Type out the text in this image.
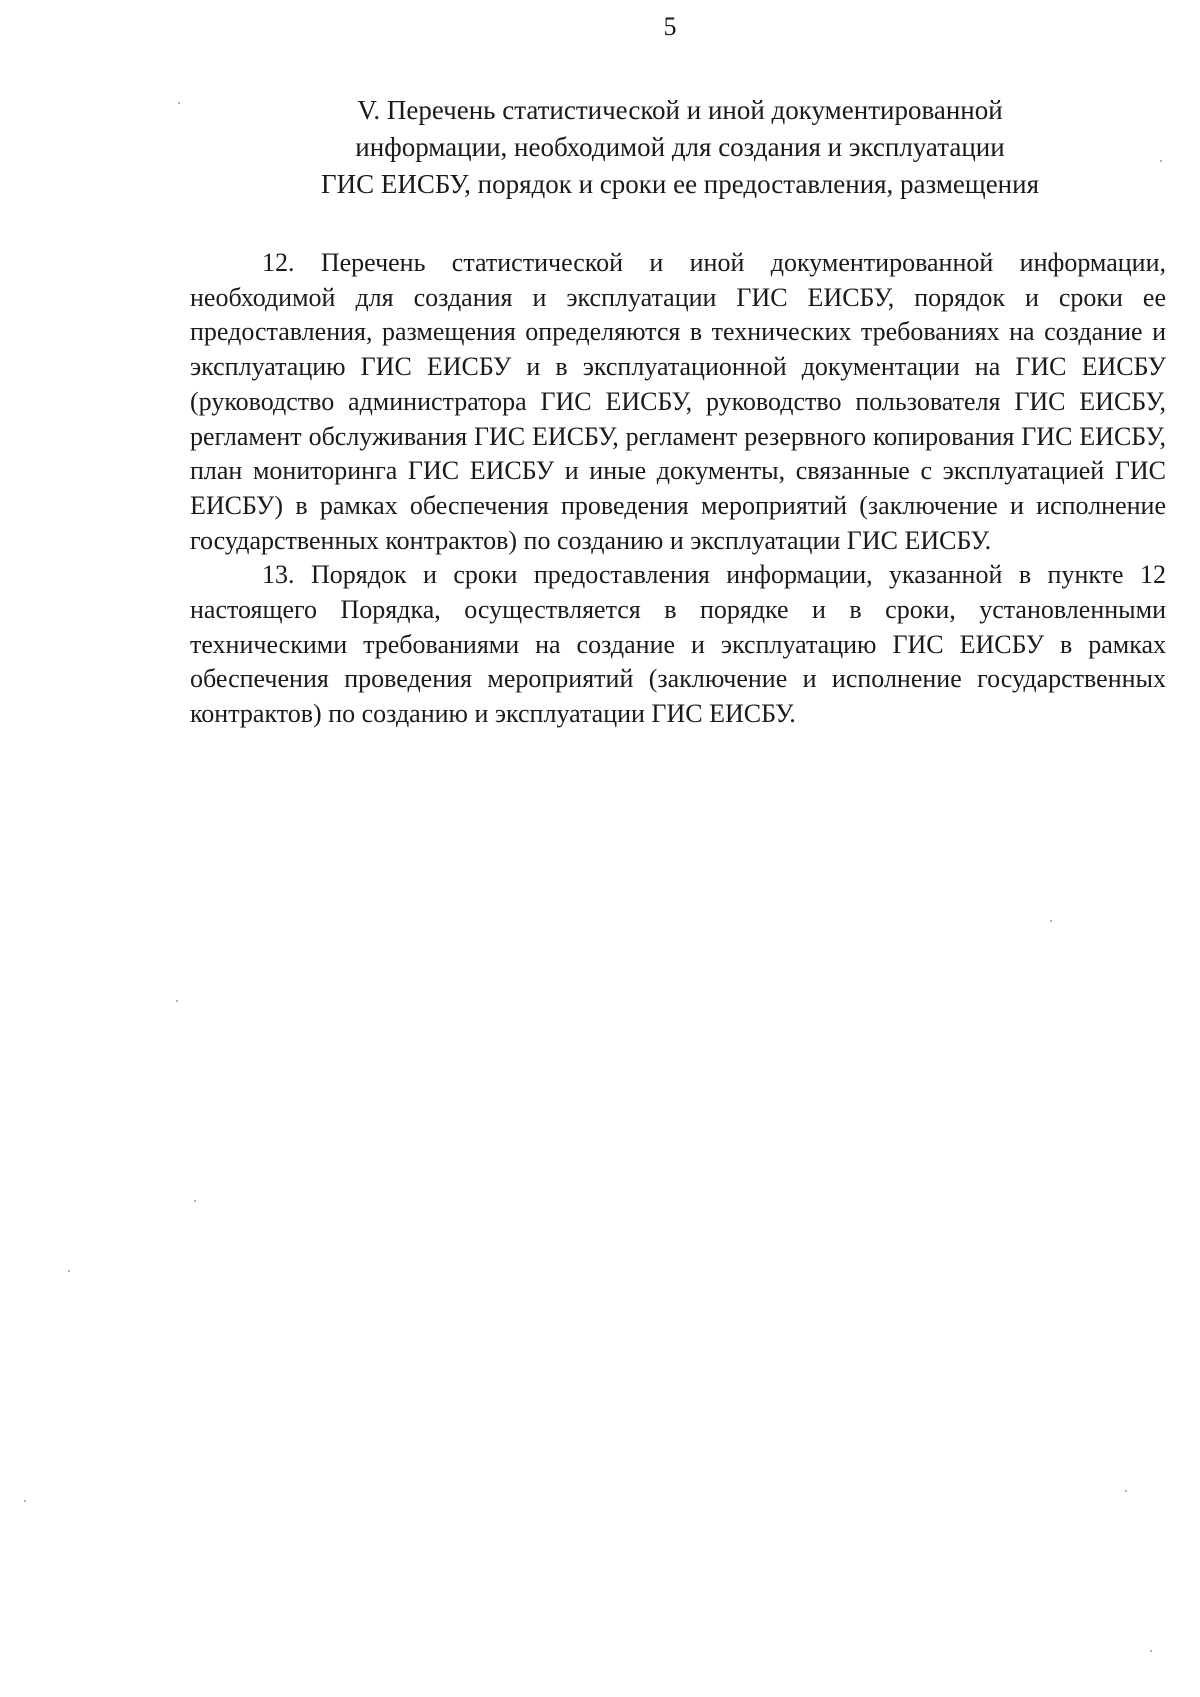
5
V. Перечень статистической и иной документированной
информации, необходимой для создания и эксплуатации
ГИС ЕИСБУ, порядок и сроки ее предоставления, размещения

12. Перечень статистической и иной документированной информации, необходимой для создания и эксплуатации ГИС ЕИСБУ, порядок и сроки ее предоставления, размещения определяются в технических требованиях на создание и эксплуатацию ГИС ЕИСБУ и в эксплуатационной документации на ГИС ЕИСБУ (руководство администратора ГИС ЕИСБУ, руководство пользователя ГИС ЕИСБУ, регламент обслуживания ГИС ЕИСБУ, регламент резервного копирования ГИС ЕИСБУ, план мониторинга ГИС ЕИСБУ и иные документы, связанные с эксплуатацией ГИС ЕИСБУ) в рамках обеспечения проведения мероприятий (заключение и исполнение государственных контрактов) по созданию и эксплуатации ГИС ЕИСБУ.

13. Порядок и сроки предоставления информации, указанной в пункте 12 настоящего Порядка, осуществляется в порядке и в сроки, установленными техническими требованиями на создание и эксплуатацию ГИС ЕИСБУ в рамках обеспечения проведения мероприятий (заключение и исполнение государственных контрактов) по созданию и эксплуатации ГИС ЕИСБУ.
